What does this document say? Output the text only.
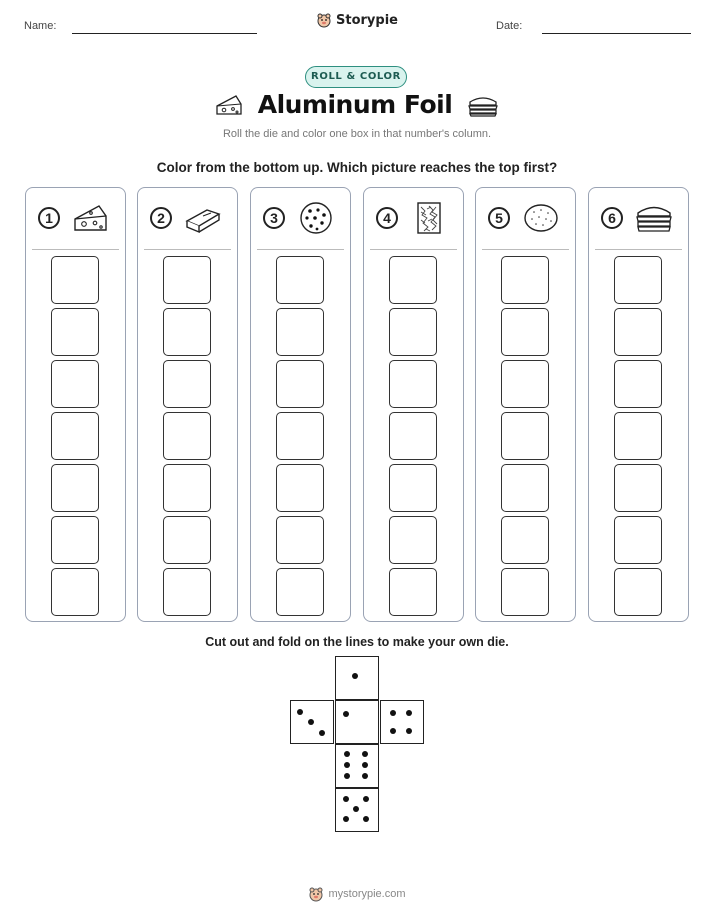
Name:	Storypie	Date:
ROLL & COLOR
Aluminum Foil
Roll the die and color one box in that number's column.
Color from the bottom up. Which picture reaches the top first?
1	2	3	4	5	6
Cut out and fold on the lines to make your own die.
mystorypie.com
